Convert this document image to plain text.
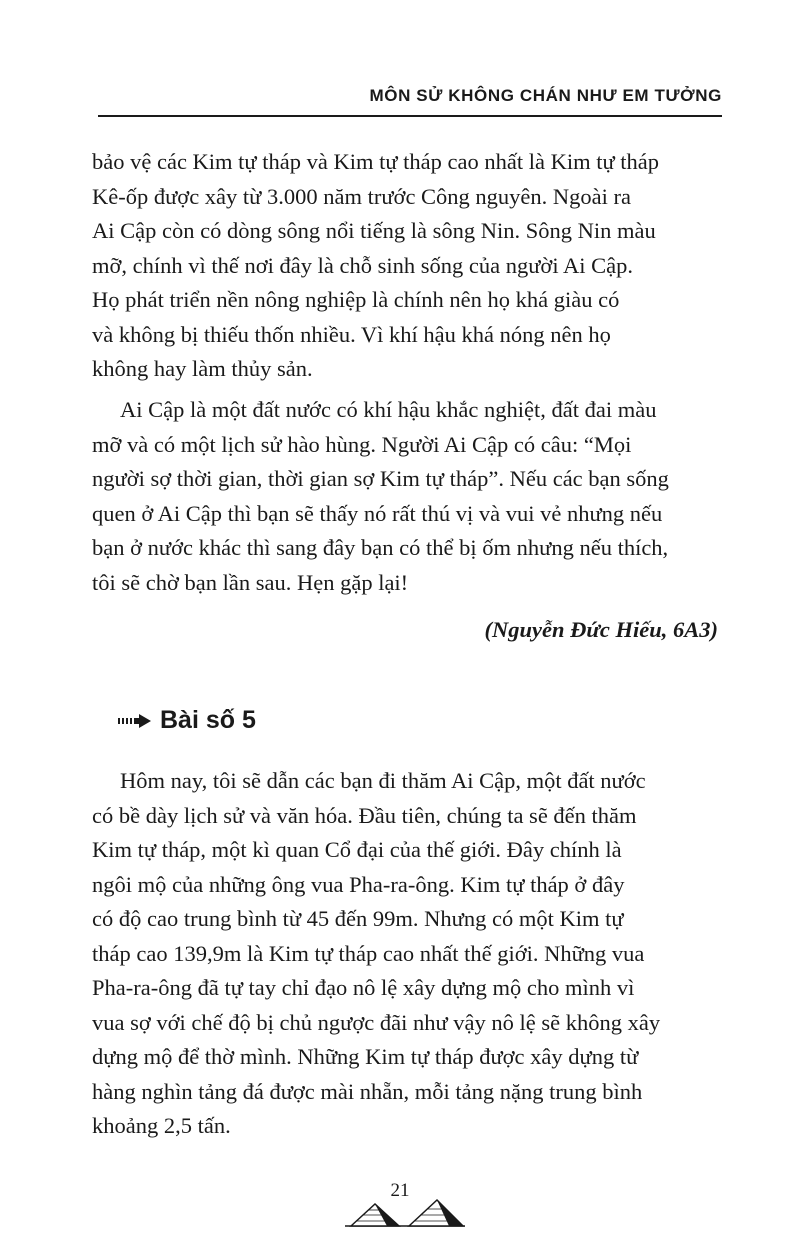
MÔN SỬ KHÔNG CHÁN NHƯ EM TƯỞNG

bảo vệ các Kim tự tháp và Kim tự tháp cao nhất là Kim tự tháp

Kê-ốp được xây từ 3.000 năm trước Công nguyên. Ngoài ra

Ai Cập còn có dòng sông nổi tiếng là sông Nin. Sông Nin màu

mỡ, chính vì thế nơi đây là chỗ sinh sống của người Ai Cập.

Họ phát triển nền nông nghiệp là chính nên họ khá giàu có

và không bị thiếu thốn nhiều. Vì khí hậu khá nóng nên họ

không hay làm thủy sản.

Ai Cập là một đất nước có khí hậu khắc nghiệt, đất đai màu

mỡ và có một lịch sử hào hùng. Người Ai Cập có câu: “Mọi

người sợ thời gian, thời gian sợ Kim tự tháp”. Nếu các bạn sống

quen ở Ai Cập thì bạn sẽ thấy nó rất thú vị và vui vẻ nhưng nếu

bạn ở nước khác thì sang đây bạn có thể bị ốm nhưng nếu thích,

tôi sẽ chờ bạn lần sau. Hẹn gặp lại!

(Nguyễn Đức Hiếu, 6A3)
Bài số 5

Hôm nay, tôi sẽ dẫn các bạn đi thăm Ai Cập, một đất nước

có bề dày lịch sử và văn hóa. Đầu tiên, chúng ta sẽ đến thăm

Kim tự tháp, một kì quan Cổ đại của thế giới. Đây chính là

ngôi mộ của những ông vua Pha-ra-ông. Kim tự tháp ở đây

có độ cao trung bình từ 45 đến 99m. Nhưng có một Kim tự

tháp cao 139,9m là Kim tự tháp cao nhất thế giới. Những vua

Pha-ra-ông đã tự tay chỉ đạo nô lệ xây dựng mộ cho mình vì

vua sợ với chế độ bị chủ ngược đãi như vậy nô lệ sẽ không xây

dựng mộ để thờ mình. Những Kim tự tháp được xây dựng từ

hàng nghìn tảng đá được mài nhẵn, mỗi tảng nặng trung bình

khoảng 2,5 tấn.

21
